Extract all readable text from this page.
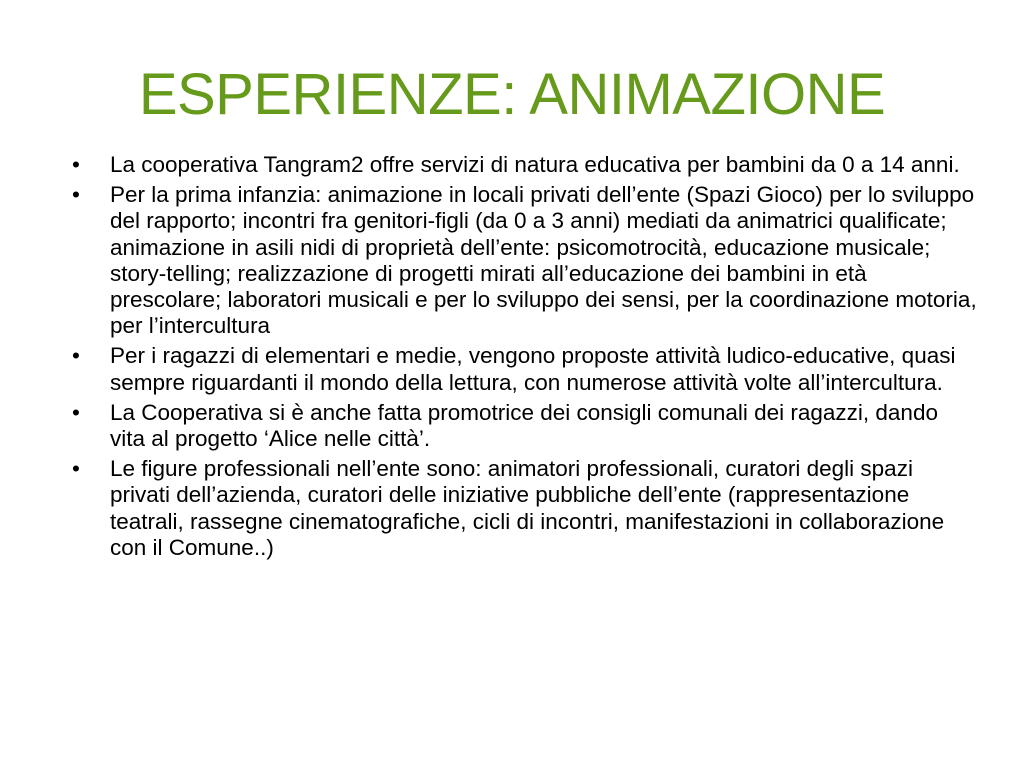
ESPERIENZE: ANIMAZIONE
•	La cooperativa Tangram2 offre servizi di natura educativa per bambini da 0 a 14 anni.
•	Per la prima infanzia: animazione in locali privati dell’ente (Spazi Gioco) per lo sviluppo del rapporto; incontri fra genitori-figli (da 0 a 3 anni) mediati da animatrici qualificate; animazione in asili nidi di proprietà dell’ente: psicomotrocità, educazione musicale; story-telling; realizzazione di progetti mirati all’educazione dei bambini in età prescolare; laboratori musicali e per lo sviluppo dei sensi, per la coordinazione motoria, per l’intercultura
•	Per i ragazzi di elementari e medie, vengono proposte attività ludico-educative, quasi sempre riguardanti il mondo della lettura, con numerose attività volte all’intercultura.
•	La Cooperativa si è anche fatta promotrice dei consigli comunali dei ragazzi, dando vita al progetto ‘Alice nelle città’.
•	Le figure professionali nell’ente sono: animatori professionali, curatori degli spazi privati dell’azienda, curatori delle iniziative pubbliche dell’ente (rappresentazione teatrali, rassegne cinematografiche, cicli di incontri, manifestazioni in collaborazione con il Comune..)
